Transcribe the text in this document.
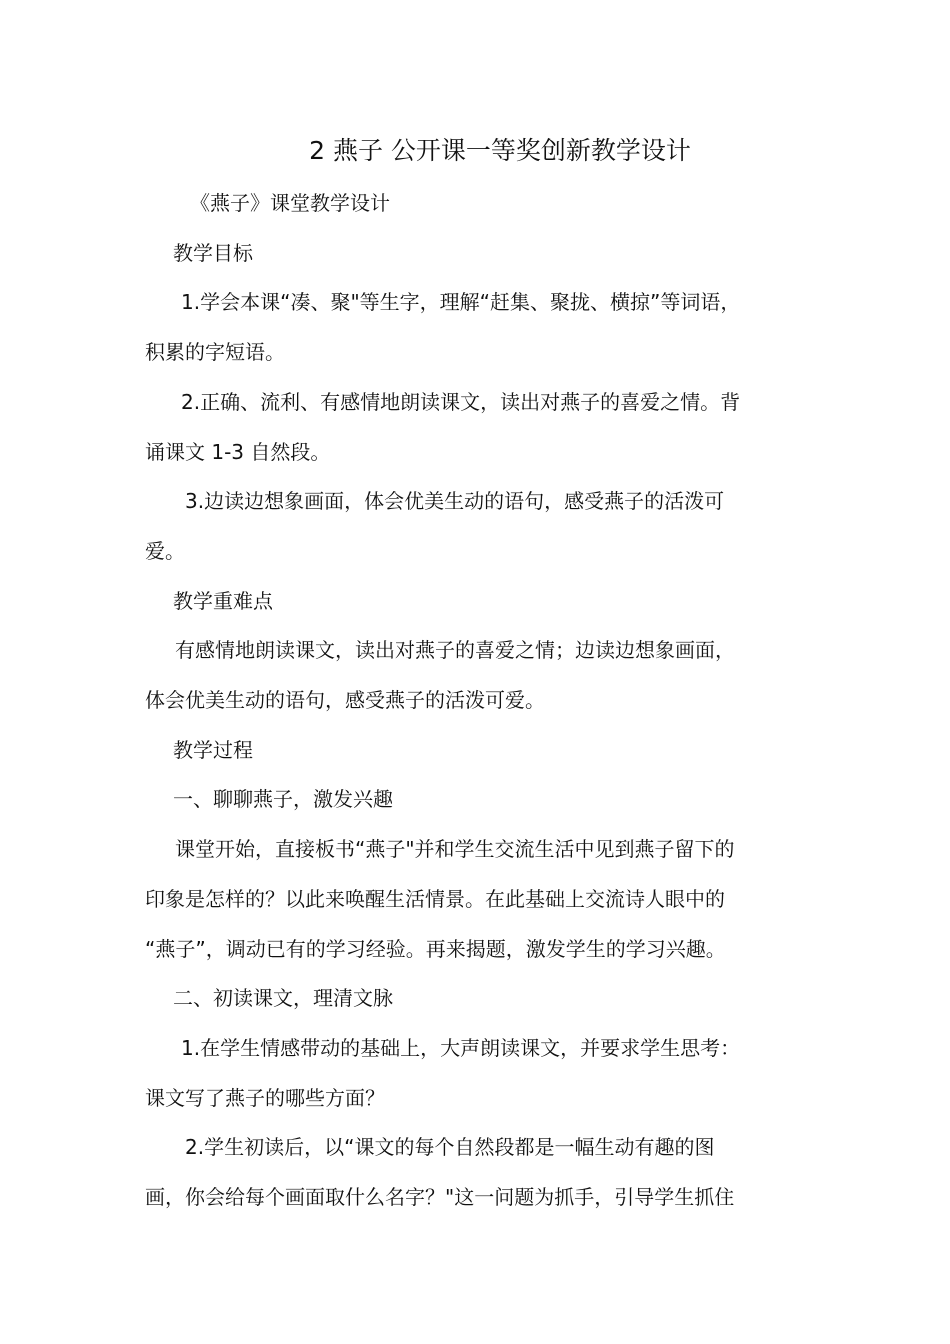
2 燕子 公开课一等奖创新教学设计

《燕子》课堂教学设计

教学目标

1.学会本课“凑、聚"等生字，理解“赶集、聚拢、横掠”等词语，

积累的字短语。

2.正确、流利、有感情地朗读课文，读出对燕子的喜爱之情。背

诵课文 1-3 自然段。

3.边读边想象画面，体会优美生动的语句，感受燕子的活泼可

爱。

教学重难点

有感情地朗读课文，读出对燕子的喜爱之情；边读边想象画面，

体会优美生动的语句，感受燕子的活泼可爱。

教学过程

一、聊聊燕子，激发兴趣

课堂开始，直接板书“燕子"并和学生交流生活中见到燕子留下的

印象是怎样的？以此来唤醒生活情景。在此基础上交流诗人眼中的

“燕子”，调动已有的学习经验。再来揭题，激发学生的学习兴趣。

二、初读课文，理清文脉

1.在学生情感带动的基础上，大声朗读课文，并要求学生思考：

课文写了燕子的哪些方面？

2.学生初读后，以“课文的每个自然段都是一幅生动有趣的图

画，你会给每个画面取什么名字？"这一问题为抓手，引导学生抓住
